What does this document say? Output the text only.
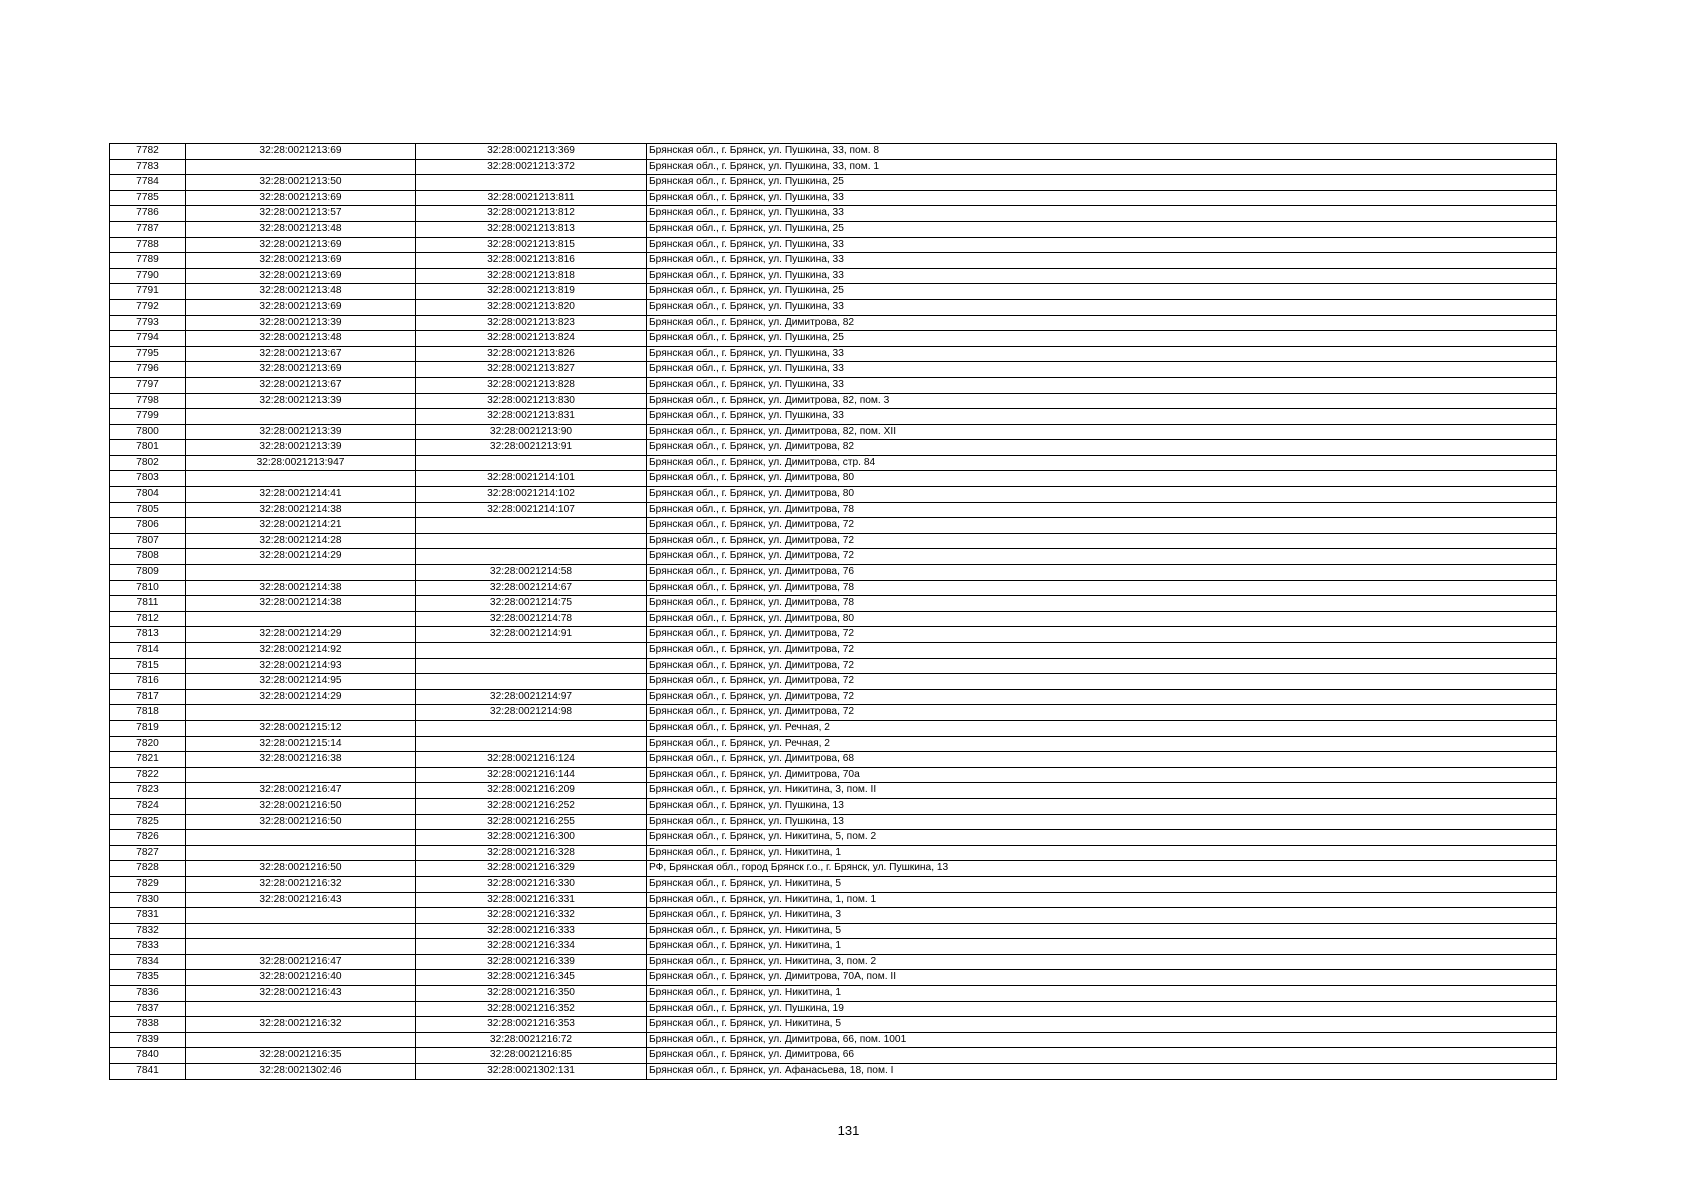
7782	32:28:0021213:69	32:28:0021213:369	Брянская обл., г. Брянск, ул. Пушкина, 33, пом. 8
7783		32:28:0021213:372	Брянская обл., г. Брянск, ул. Пушкина, 33, пом. 1
7784	32:28:0021213:50		Брянская обл., г. Брянск, ул. Пушкина, 25
7785	32:28:0021213:69	32:28:0021213:811	Брянская обл., г. Брянск, ул. Пушкина, 33
7786	32:28:0021213:57	32:28:0021213:812	Брянская обл., г. Брянск, ул. Пушкина, 33
7787	32:28:0021213:48	32:28:0021213:813	Брянская обл., г. Брянск, ул. Пушкина, 25
7788	32:28:0021213:69	32:28:0021213:815	Брянская обл., г. Брянск, ул. Пушкина, 33
7789	32:28:0021213:69	32:28:0021213:816	Брянская обл., г. Брянск, ул. Пушкина, 33
7790	32:28:0021213:69	32:28:0021213:818	Брянская обл., г. Брянск, ул. Пушкина, 33
7791	32:28:0021213:48	32:28:0021213:819	Брянская обл., г. Брянск, ул. Пушкина, 25
7792	32:28:0021213:69	32:28:0021213:820	Брянская обл., г. Брянск, ул. Пушкина, 33
7793	32:28:0021213:39	32:28:0021213:823	Брянская обл., г. Брянск, ул. Димитрова, 82
7794	32:28:0021213:48	32:28:0021213:824	Брянская обл., г. Брянск, ул. Пушкина, 25
7795	32:28:0021213:67	32:28:0021213:826	Брянская обл., г. Брянск, ул. Пушкина, 33
7796	32:28:0021213:69	32:28:0021213:827	Брянская обл., г. Брянск, ул. Пушкина, 33
7797	32:28:0021213:67	32:28:0021213:828	Брянская обл., г. Брянск, ул. Пушкина, 33
7798	32:28:0021213:39	32:28:0021213:830	Брянская обл., г. Брянск, ул. Димитрова, 82, пом. 3
7799		32:28:0021213:831	Брянская обл., г. Брянск, ул. Пушкина, 33
7800	32:28:0021213:39	32:28:0021213:90	Брянская обл., г. Брянск, ул. Димитрова, 82, пом. XII
7801	32:28:0021213:39	32:28:0021213:91	Брянская обл., г. Брянск, ул. Димитрова, 82
7802	32:28:0021213:947		Брянская обл., г. Брянск, ул. Димитрова, стр. 84
7803		32:28:0021214:101	Брянская обл., г. Брянск, ул. Димитрова, 80
7804	32:28:0021214:41	32:28:0021214:102	Брянская обл., г. Брянск, ул. Димитрова, 80
7805	32:28:0021214:38	32:28:0021214:107	Брянская обл., г. Брянск, ул. Димитрова, 78
7806	32:28:0021214:21		Брянская обл., г. Брянск, ул. Димитрова, 72
7807	32:28:0021214:28		Брянская обл., г. Брянск, ул. Димитрова, 72
7808	32:28:0021214:29		Брянская обл., г. Брянск, ул. Димитрова, 72
7809		32:28:0021214:58	Брянская обл., г. Брянск, ул. Димитрова, 76
7810	32:28:0021214:38	32:28:0021214:67	Брянская обл., г. Брянск, ул. Димитрова, 78
7811	32:28:0021214:38	32:28:0021214:75	Брянская обл., г. Брянск, ул. Димитрова, 78
7812		32:28:0021214:78	Брянская обл., г. Брянск, ул. Димитрова, 80
7813	32:28:0021214:29	32:28:0021214:91	Брянская обл., г. Брянск, ул. Димитрова, 72
7814	32:28:0021214:92		Брянская обл., г. Брянск, ул. Димитрова, 72
7815	32:28:0021214:93		Брянская обл., г. Брянск, ул. Димитрова, 72
7816	32:28:0021214:95		Брянская обл., г. Брянск, ул. Димитрова, 72
7817	32:28:0021214:29	32:28:0021214:97	Брянская обл., г. Брянск, ул. Димитрова, 72
7818		32:28:0021214:98	Брянская обл., г. Брянск, ул. Димитрова, 72
7819	32:28:0021215:12		Брянская обл., г. Брянск, ул. Речная, 2
7820	32:28:0021215:14		Брянская обл., г. Брянск, ул. Речная, 2
7821	32:28:0021216:38	32:28:0021216:124	Брянская обл., г. Брянск, ул. Димитрова, 68
7822		32:28:0021216:144	Брянская обл., г. Брянск, ул. Димитрова, 70а
7823	32:28:0021216:47	32:28:0021216:209	Брянская обл., г. Брянск, ул. Никитина, 3, пом. II
7824	32:28:0021216:50	32:28:0021216:252	Брянская обл., г. Брянск, ул. Пушкина, 13
7825	32:28:0021216:50	32:28:0021216:255	Брянская обл., г. Брянск, ул. Пушкина, 13
7826		32:28:0021216:300	Брянская обл., г. Брянск, ул. Никитина, 5, пом. 2
7827		32:28:0021216:328	Брянская обл., г. Брянск, ул. Никитина, 1
7828	32:28:0021216:50	32:28:0021216:329	РФ, Брянская обл., город Брянск г.о., г. Брянск, ул. Пушкина, 13
7829	32:28:0021216:32	32:28:0021216:330	Брянская обл., г. Брянск, ул. Никитина, 5
7830	32:28:0021216:43	32:28:0021216:331	Брянская обл., г. Брянск, ул. Никитина, 1, пом. 1
7831		32:28:0021216:332	Брянская обл., г. Брянск, ул. Никитина, 3
7832		32:28:0021216:333	Брянская обл., г. Брянск, ул. Никитина, 5
7833		32:28:0021216:334	Брянская обл., г. Брянск, ул. Никитина, 1
7834	32:28:0021216:47	32:28:0021216:339	Брянская обл., г. Брянск, ул. Никитина, 3, пом. 2
7835	32:28:0021216:40	32:28:0021216:345	Брянская обл., г. Брянск, ул. Димитрова, 70А, пом. II
7836	32:28:0021216:43	32:28:0021216:350	Брянская обл., г. Брянск, ул. Никитина, 1
7837		32:28:0021216:352	Брянская обл., г. Брянск, ул. Пушкина, 19
7838	32:28:0021216:32	32:28:0021216:353	Брянская обл., г. Брянск, ул. Никитина, 5
7839		32:28:0021216:72	Брянская обл., г. Брянск, ул. Димитрова, 66, пом. 1001
7840	32:28:0021216:35	32:28:0021216:85	Брянская обл., г. Брянск, ул. Димитрова, 66
7841	32:28:0021302:46	32:28:0021302:131	Брянская обл., г. Брянск, ул. Афанасьева, 18, пом. I
131
